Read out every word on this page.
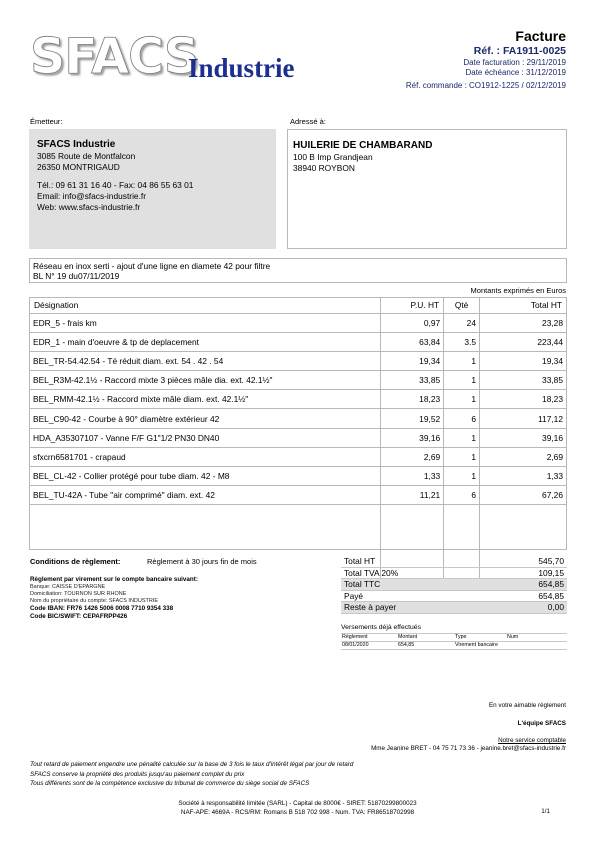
SFACS
Industrie
Facture
Réf. : FA1911-0025
Date facturation : 29/11/2019
Date échéance : 31/12/2019
Réf. commande : CO1912-1225 / 02/12/2019
Émetteur:
SFACS Industrie
3085 Route de Montfalcon
26350 MONTRIGAUD
Tél.: 09 61 31 16 40 - Fax: 04 86 55 63 01
Email: info@sfacs-industrie.fr
Web: www.sfacs-industrie.fr
Adressé à:
HUILERIE DE CHAMBARAND
100 B Imp Grandjean
38940 ROYBON
Réseau en inox serti - ajout d'une ligne en diamete 42 pour filtre
BL N° 19 du07/11/2019
Montants exprimés en Euros
Désignation	P.U. HT	Qté	Total HT
EDR_5 - frais km	0,97	24	23,28
EDR_1 - main d'oeuvre & tp de deplacement	63,84	3.5	223,44
BEL_TR-54.42.54 - Té réduit diam. ext. 54 . 42 . 54	19,34	1	19,34
BEL_R3M-42.1½ - Raccord mixte 3 pièces mâle dia. ext. 42.1½"	33,85	1	33,85
BEL_RMM-42.1½ - Raccord mixte mâle diam. ext. 42.1½"	18,23	1	18,23
BEL_C90-42 - Courbe à 90° diamètre extérieur 42	19,52	6	117,12
HDA_A35307107 - Vanne F/F G1"1/2 PN30 DN40	39,16	1	39,16
sfxcrn6581701 - crapaud	2,69	1	2,69
BEL_CL-42 - Collier protégé pour tube diam. 42 - M8	1,33	1	1,33
BEL_TU-42A - Tube "air comprimé" diam. ext. 42	11,21	6	67,26

Conditions de règlement:	Règlement à 30 jours fin de mois
Règlement par virement sur le compte bancaire suivant:
Banque: CAISSE D'EPARGNE
Domiciliation: TOURNON SUR RHONE
Nom du propriétaire du compte: SFACS INDUSTRIE
Code IBAN: FR76 1426 5006 0008 7710 9354 338
Code BIC/SWIFT: CEPAFRPP426
Total HT	545,70
Total TVA 20%	109,15
Total TTC	654,85
Payé	654,85
Reste à payer	0,00
Versements déjà effectués
Règlement	Montant	Type	Num
08/01/2020	654,85	Virement bancaire
En votre aimable règlement
L'équipe SFACS
Notre service comptable
Mme Jeanine BRET - 04 75 71 73 36 - jeanine.bret@sfacs-industrie.fr
Tout retard de paiement engendre une pénalité calculée sur la base de 3 fois le taux d'intérêt légal par jour de retard
SFACS conserve la propriété des produits jusqu'au paiement complet du prix
Tous différents sont de la compétence exclusive du tribunal de commerce du siège social de SFACS
Société à responsabilité limitée (SARL) - Capital de 8000€ - SIRET: 51870299800023
NAF-APE: 4669A - RCS/RM: Romans B 518 702 998 - Num. TVA: FR86518702998	1/1
